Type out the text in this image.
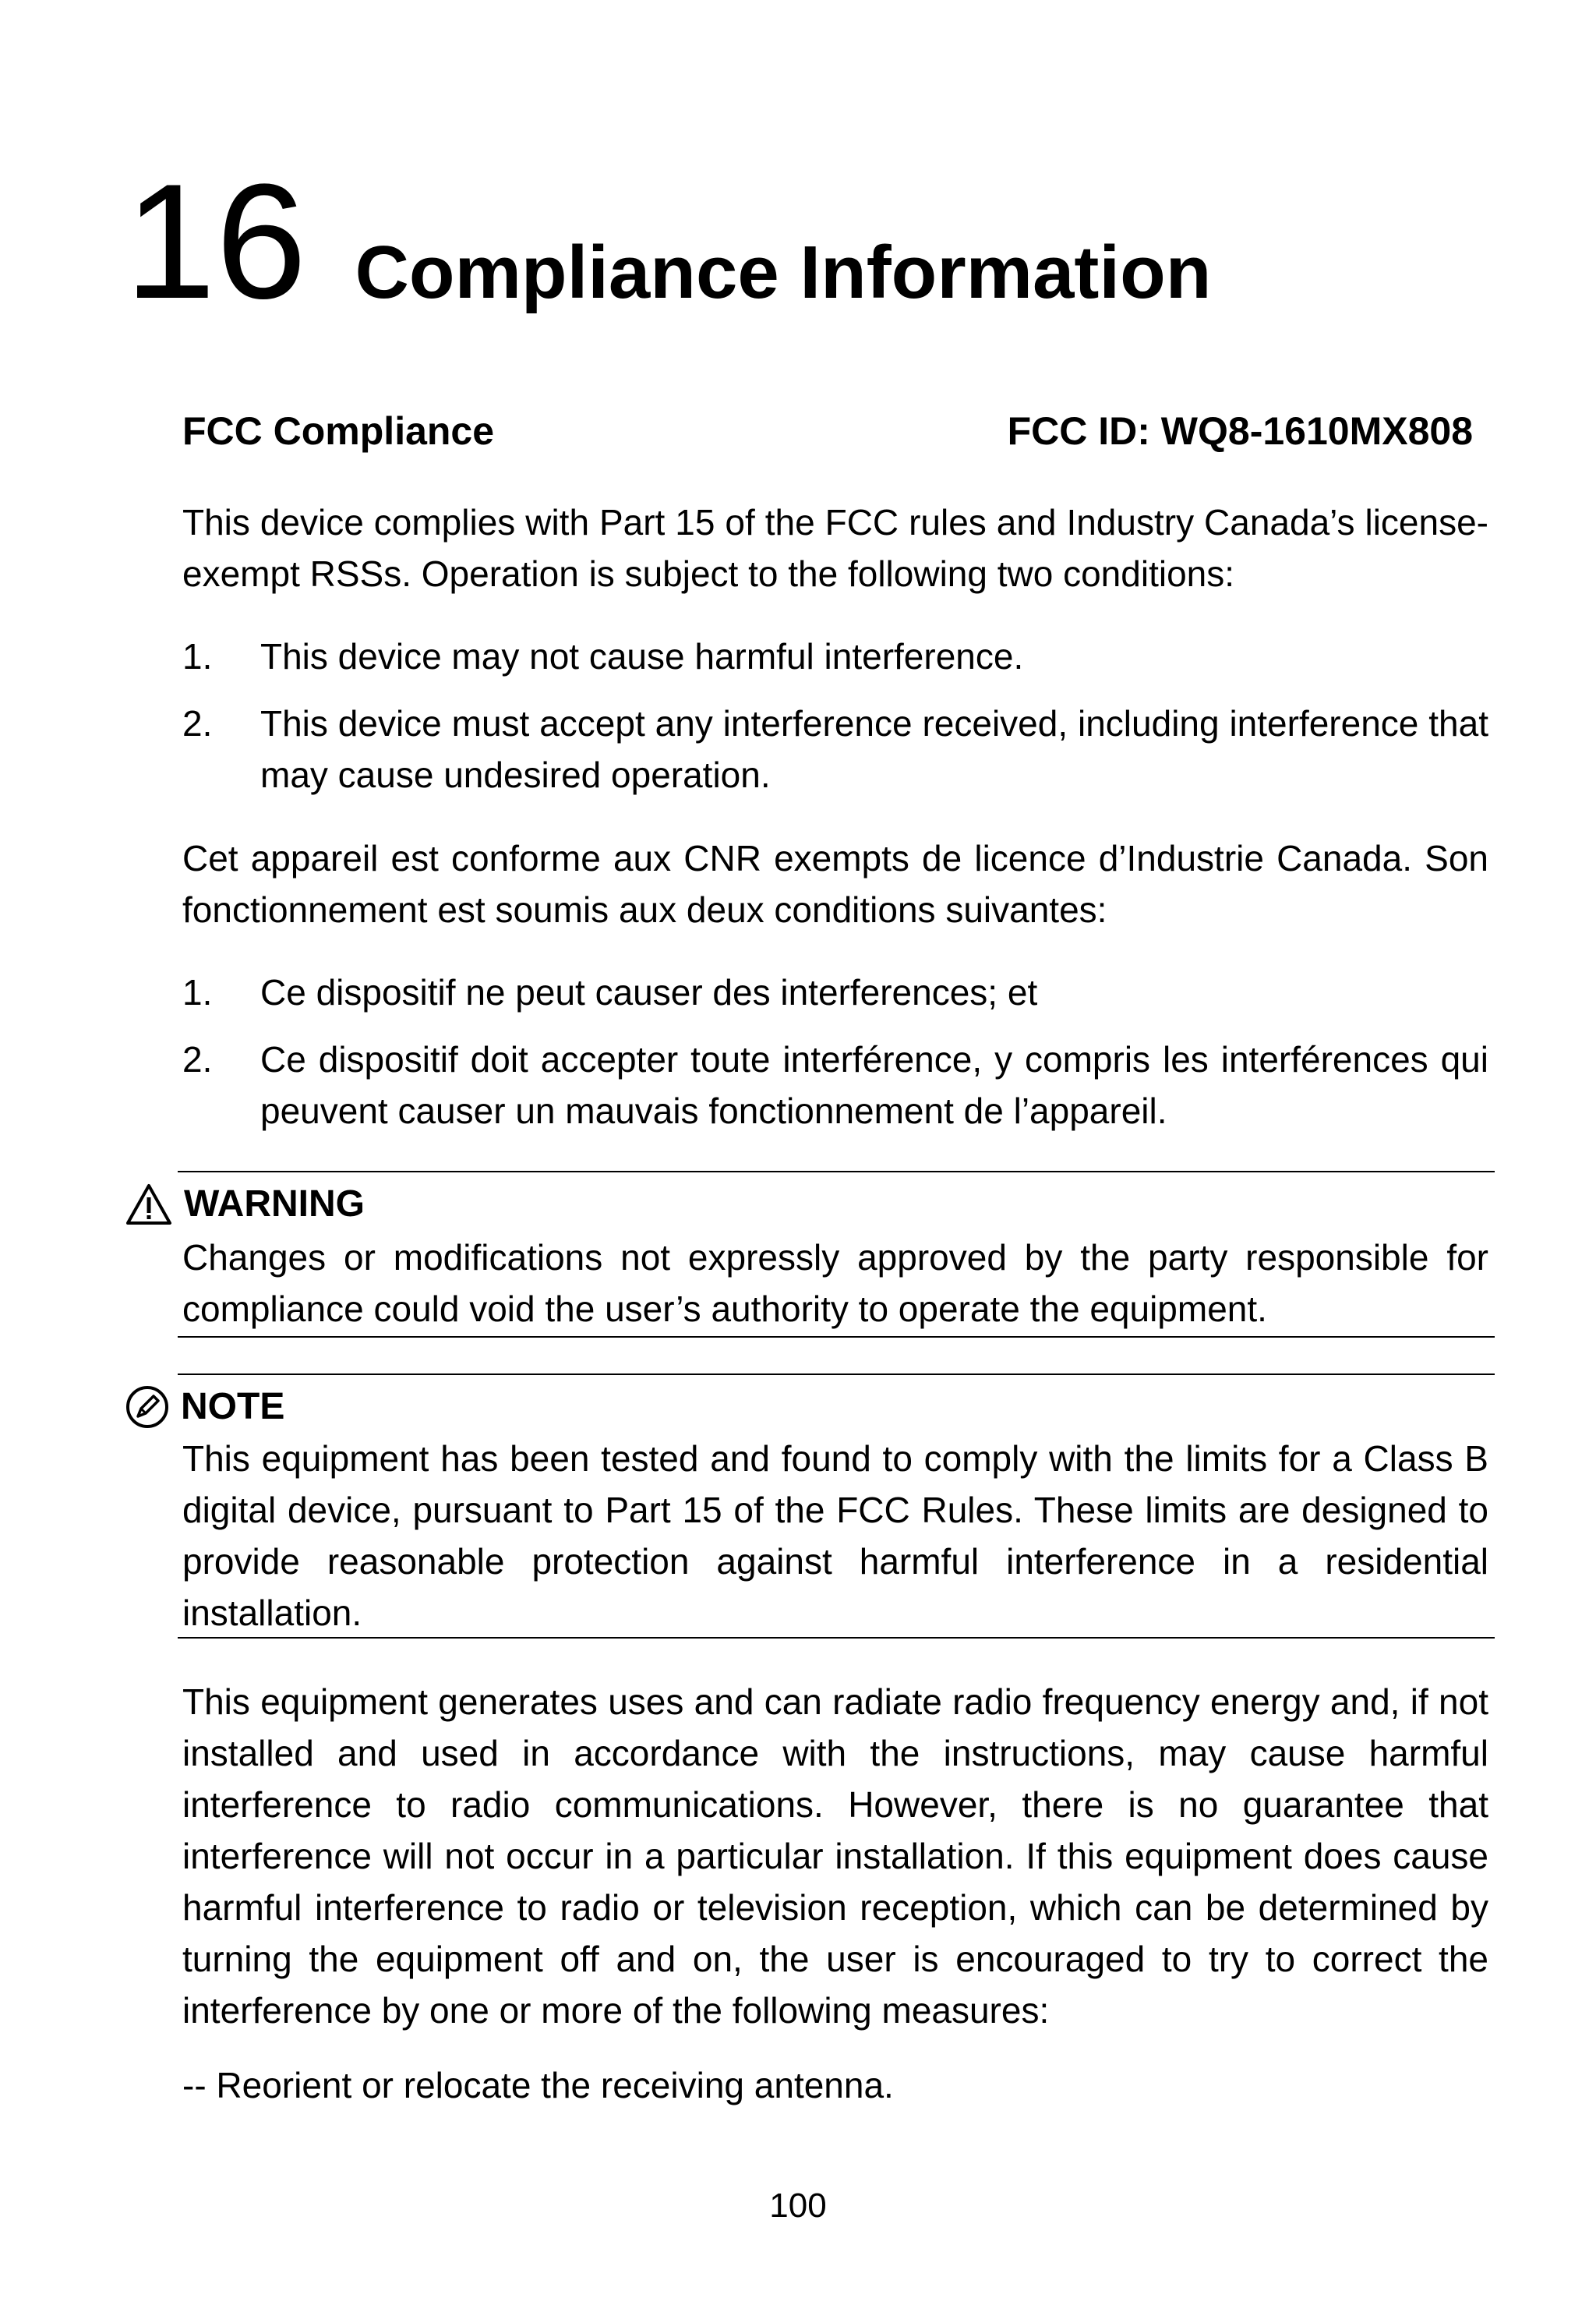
16 Compliance Information
FCC Compliance	FCC ID: WQ8-1610MX808

This device complies with Part 15 of the FCC rules and Industry Canada’s license-exempt RSSs. Operation is subject to the following two conditions:

1. This device may not cause harmful interference.
2. This device must accept any interference received, including interference that may cause undesired operation.

Cet appareil est conforme aux CNR exempts de licence d’Industrie Canada. Son fonctionnement est soumis aux deux conditions suivantes:

1. Ce dispositif ne peut causer des interferences; et
2. Ce dispositif doit accepter toute interférence, y compris les interférences qui peuvent causer un mauvais fonctionnement de l’appareil.
WARNING

Changes or modifications not expressly approved by the party responsible for compliance could void the user’s authority to operate the equipment.

NOTE

This equipment has been tested and found to comply with the limits for a Class B digital device, pursuant to Part 15 of the FCC Rules. These limits are designed to provide reasonable protection against harmful interference in a residential installation.

This equipment generates uses and can radiate radio frequency energy and, if not installed and used in accordance with the instructions, may cause harmful interference to radio communications. However, there is no guarantee that interference will not occur in a particular installation. If this equipment does cause harmful interference to radio or television reception, which can be determined by turning the equipment off and on, the user is encouraged to try to correct the interference by one or more of the following measures:

-- Reorient or relocate the receiving antenna.

100
